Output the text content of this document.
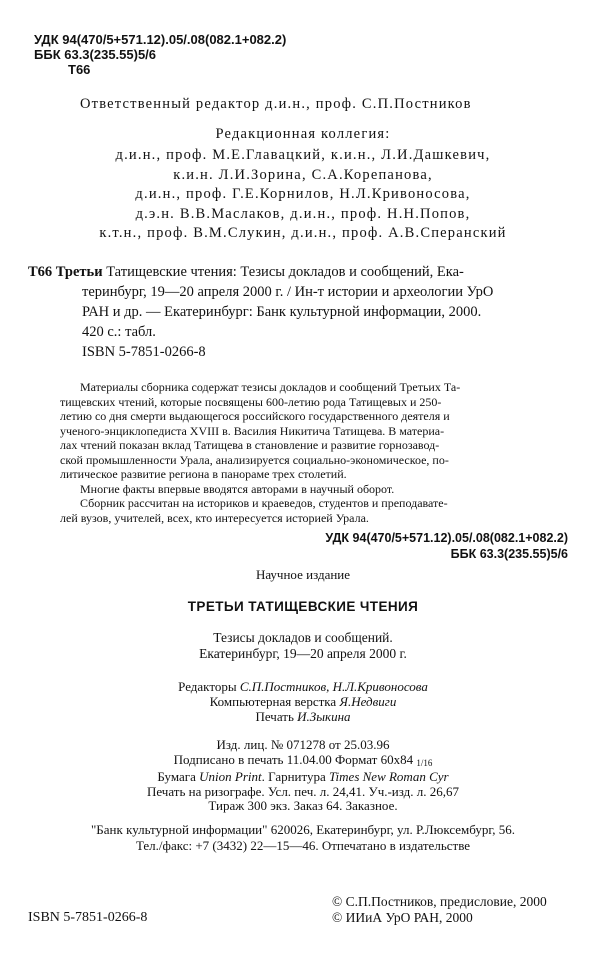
УДК 94(470/5+571.12).05/.08(082.1+082.2)
ББК 63.3(235.55)5/6
Т66
Ответственный редактор д.и.н., проф. С.П.Постников
Редакционная коллегия:
д.и.н., проф. М.Е.Главацкий, к.и.н., Л.И.Дашкевич,
к.и.н. Л.И.Зорина, С.А.Корепанова,
д.и.н., проф. Г.Е.Корнилов, Н.Л.Кривоносова,
д.э.н. В.В.Маслаков, д.и.н., проф. Н.Н.Попов,
к.т.н., проф. В.М.Слукин, д.и.н., проф. А.В.Сперанский
Т66 Третьи Татищевские чтения: Тезисы докладов и сообщений, Ека-
теринбург, 19—20 апреля 2000 г. / Ин-т истории и археологии УрО
РАН и др. — Екатеринбург: Банк культурной информации, 2000.
420 с.: табл.
ISBN 5-7851-0266-8
Материалы сборника содержат тезисы докладов и сообщений Третьих Та-
тищевских чтений, которые посвящены 600-летию рода Татищевых и 250-
летию со дня смерти выдающегося российского государственного деятеля и
ученого-энциклопедиста XVIII в. Василия Никитича Татищева. В материа-
лах чтений показан вклад Татищева в становление и развитие горнозавод-
ской промышленности Урала, анализируется социально-экономическое, по-
литическое развитие региона в панораме трех столетий.
Многие факты впервые вводятся авторами в научный оборот.
Сборник рассчитан на историков и краеведов, студентов и преподавате-
лей вузов, учителей, всех, кто интересуется историей Урала.
УДК 94(470/5+571.12).05/.08(082.1+082.2)
ББК 63.3(235.55)5/6
Научное издание
ТРЕТЬИ ТАТИЩЕВСКИЕ ЧТЕНИЯ
Тезисы докладов и сообщений.
Екатеринбург, 19—20 апреля 2000 г.
Редакторы С.П.Постников, Н.Л.Кривоносова
Компьютерная верстка Я.Недвиги
Печать И.Зыкина
Изд. лиц. № 071278 от 25.03.96
Подписано в печать 11.04.00 Формат 60х84 1/16
Бумага Union Print. Гарнитура Times New Roman Cyr
Печать на ризографе. Усл. печ. л. 24,41. Уч.-изд. л. 26,67
Тираж 300 экз. Заказ 64. Заказное.
"Банк культурной информации" 620026, Екатеринбург, ул. Р.Люксембург, 56.
Тел./факс: +7 (3432) 22—15—46. Отпечатано в издательстве
ISBN 5-7851-0266-8
© С.П.Постников, предисловие, 2000
© ИИиА УрО РАН, 2000
